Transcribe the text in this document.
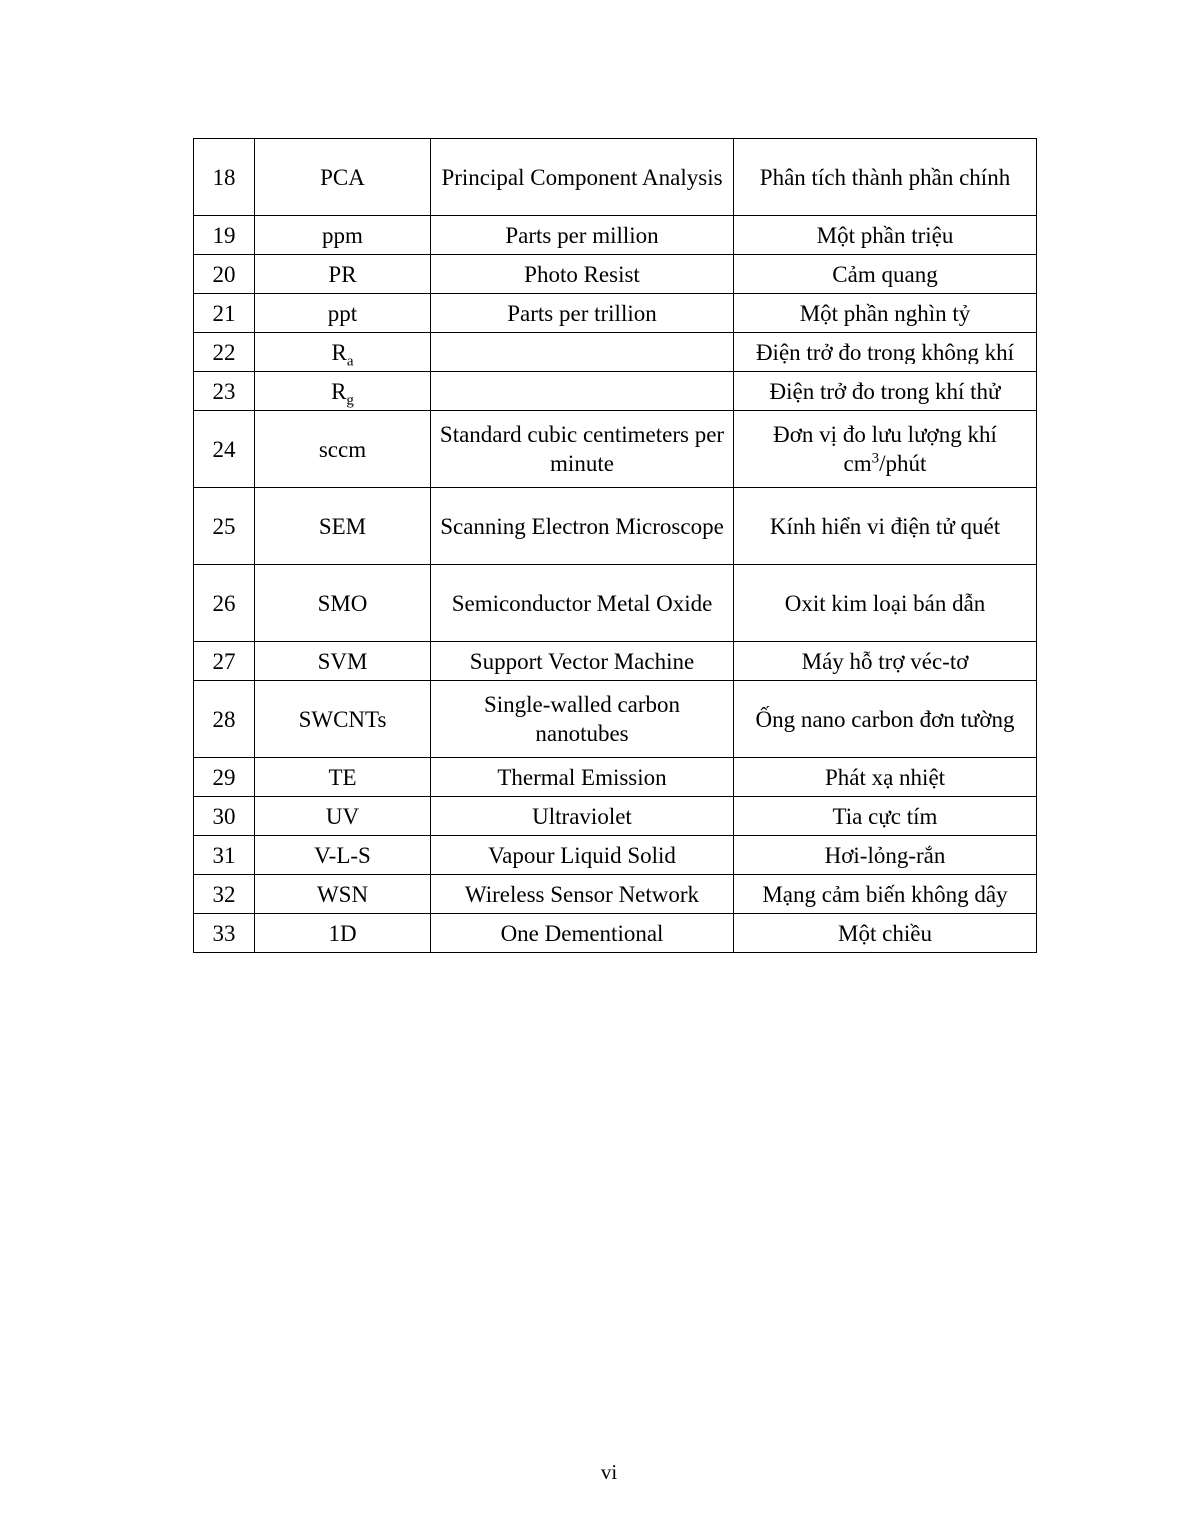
18	PCA	Principal Component Analysis	Phân tích thành phần chính
19	ppm	Parts per million	Một phần triệu
20	PR	Photo Resist	Cảm quang
21	ppt	Parts per trillion	Một phần nghìn tỷ
22	$R_a$		Điện trở đo trong không khí

23	$R_g$		Điện trở đo trong khí thử
24	sccm	Standard cubic centimeters per minute	Đơn vị đo lưu lượng khí
$cm^3$/phút
25	SEM	Scanning Electron Microscope	Kính hiển vi điện tử quét
26	SMO	Semiconductor Metal Oxide	Oxit kim loại bán dẫn
27	SVM	Support Vector Machine	Máy hỗ trợ véc-tơ
28	SWCNTs	Single-walled carbon nanotubes	Ống nano carbon đơn tường
29	TE	Thermal Emission	Phát xạ nhiệt
30	UV	Ultraviolet	Tia cực tím
31	V-L-S	Vapour Liquid Solid	Hơi-lỏng-rắn
32	WSN	Wireless Sensor Network	Mạng cảm biến không dây
33	1D	One Dementional	Một chiều
vi
